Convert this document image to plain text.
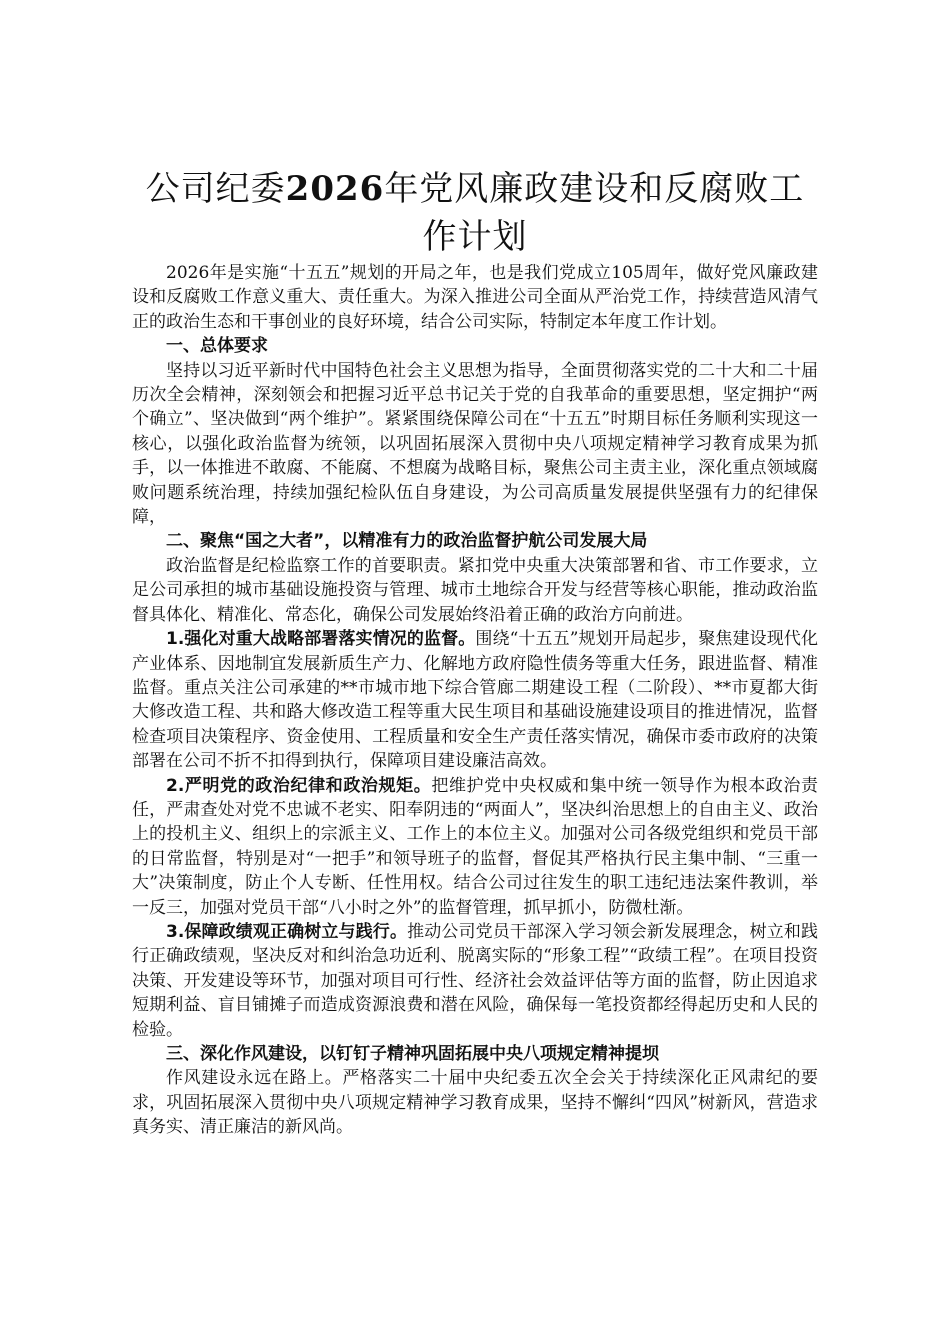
公司纪委2026年党风廉政建设和反腐败工作计划

2026年是实施“十五五”规划的开局之年，也是我们党成立105周年，做好党风廉政建设和反腐败工作意义重大、责任重大。为深入推进公司全面从严治党工作，持续营造风清气正的政治生态和干事创业的良好环境，结合公司实际，特制定本年度工作计划。

一、总体要求

坚持以习近平新时代中国特色社会主义思想为指导，全面贯彻落实党的二十大和二十届历次全会精神，深刻领会和把握习近平总书记关于党的自我革命的重要思想，坚定拥护“两个确立”、坚决做到“两个维护”。紧紧围绕保障公司在“十五五”时期目标任务顺利实现这一核心，以强化政治监督为统领，以巩固拓展深入贯彻中央八项规定精神学习教育成果为抓手，以一体推进不敢腐、不能腐、不想腐为战略目标，聚焦公司主责主业，深化重点领域腐败问题系统治理，持续加强纪检队伍自身建设，为公司高质量发展提供坚强有力的纪律保障，

二、聚焦“国之大者”，以精准有力的政治监督护航公司发展大局

政治监督是纪检监察工作的首要职责。紧扣党中央重大决策部署和省、市工作要求，立足公司承担的城市基础设施投资与管理、城市土地综合开发与经营等核心职能，推动政治监督具体化、精准化、常态化，确保公司发展始终沿着正确的政治方向前进。

1.强化对重大战略部署落实情况的监督。围绕“十五五”规划开局起步，聚焦建设现代化产业体系、因地制宜发展新质生产力、化解地方政府隐性债务等重大任务，跟进监督、精准监督。重点关注公司承建的**市城市地下综合管廊二期建设工程（二阶段）、**市夏都大街大修改造工程、共和路大修改造工程等重大民生项目和基础设施建设项目的推进情况，监督检查项目决策程序、资金使用、工程质量和安全生产责任落实情况，确保市委市政府的决策部署在公司不折不扣得到执行，保障项目建设廉洁高效。

2.严明党的政治纪律和政治规矩。把维护党中央权威和集中统一领导作为根本政治责任，严肃查处对党不忠诚不老实、阳奉阴违的“两面人”，坚决纠治思想上的自由主义、政治上的投机主义、组织上的宗派主义、工作上的本位主义。加强对公司各级党组织和党员干部的日常监督，特别是对“一把手”和领导班子的监督，督促其严格执行民主集中制、“三重一大”决策制度，防止个人专断、任性用权。结合公司过往发生的职工违纪违法案件教训，举一反三，加强对党员干部“八小时之外”的监督管理，抓早抓小，防微杜渐。

3.保障政绩观正确树立与践行。推动公司党员干部深入学习领会新发展理念，树立和践行正确政绩观，坚决反对和纠治急功近利、脱离实际的“形象工程”“政绩工程”。在项目投资决策、开发建设等环节，加强对项目可行性、经济社会效益评估等方面的监督，防止因追求短期利益、盲目铺摊子而造成资源浪费和潜在风险，确保每一笔投资都经得起历史和人民的检验。

三、深化作风建设，以钉钉子精神巩固拓展中央八项规定精神提坝

作风建设永远在路上。严格落实二十届中央纪委五次全会关于持续深化正风肃纪的要求，巩固拓展深入贯彻中央八项规定精神学习教育成果，坚持不懈纠“四风”树新风，营造求真务实、清正廉洁的新风尚。
